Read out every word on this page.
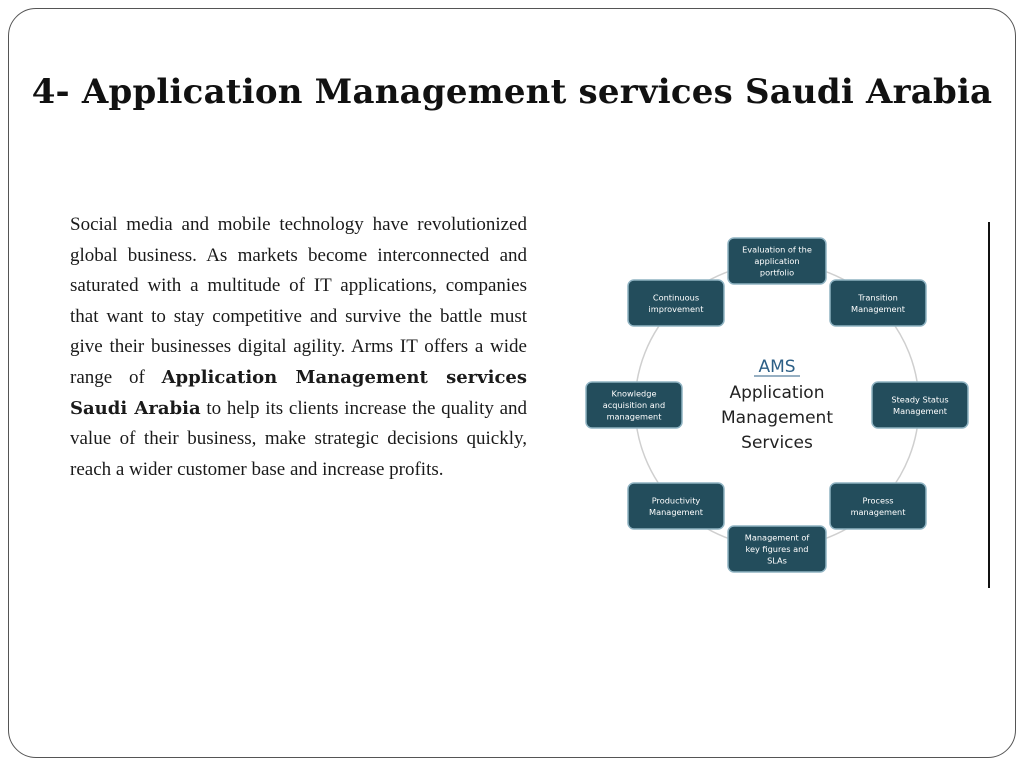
4- Application Management services Saudi Arabia
Social media and mobile technology have revolutionized global business. As markets become interconnected and saturated with a multitude of IT applications, companies that want to stay competitive and survive the battle must give their businesses digital agility. Arms IT offers a wide range of Application Management services Saudi Arabia to help its clients increase the quality and value of their business, make strategic decisions quickly, reach a wider customer base and increase profits.
AMS
Application
Management
Services
Evaluation of the
application
portfolio
Transition
Management
Steady Status
Management
Process
management
Management of
key figures and
SLAs
Productivity
Management
Knowledge
acquisition and
management
Continuous
improvement
